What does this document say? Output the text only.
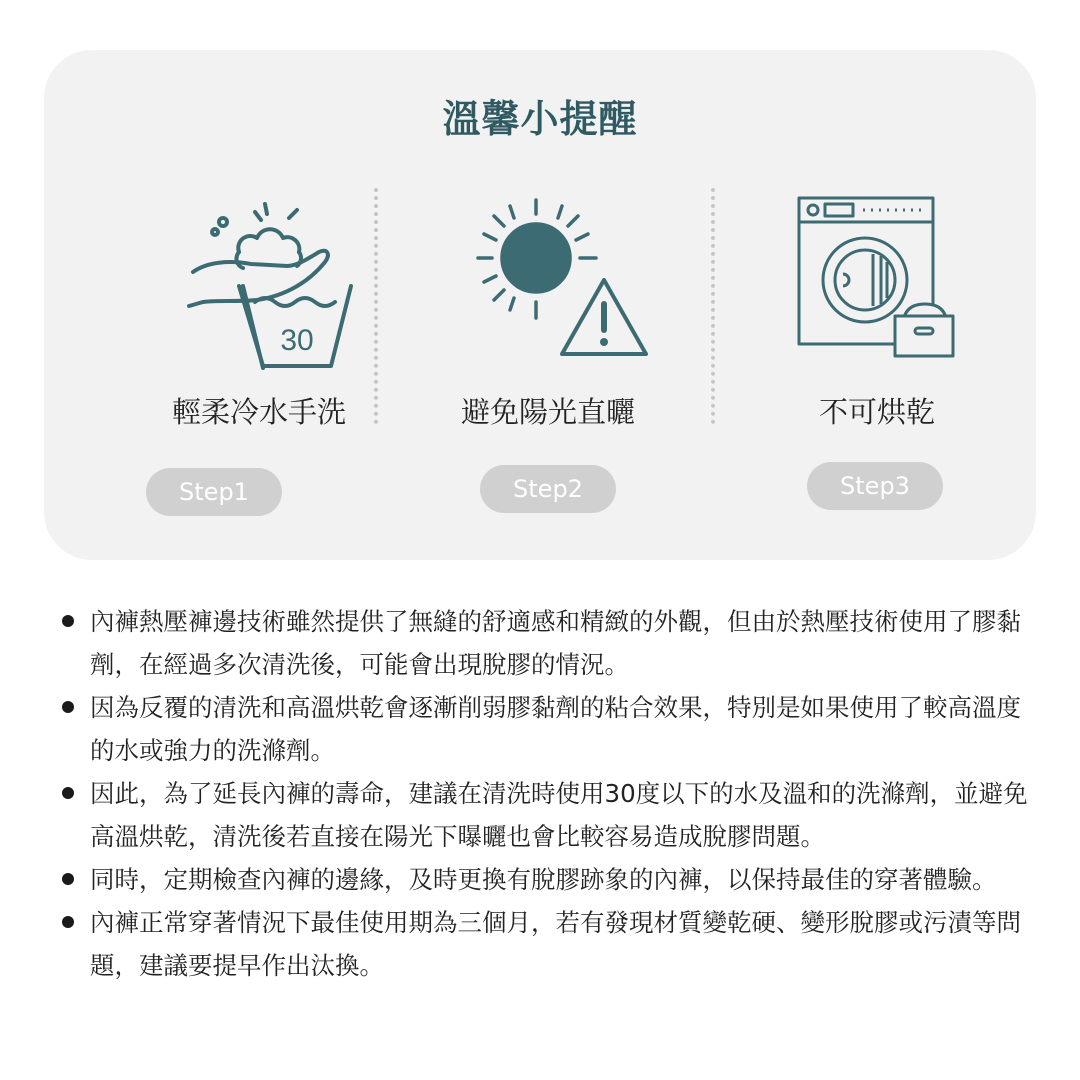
溫馨小提醒
30
輕柔冷水手洗	避免陽光直曬	不可烘乾
Step1	Step2	Step3
內褲熱壓褲邊技術雖然提供了無縫的舒適感和精緻的外觀，但由於熱壓技術使用了膠黏劑，在經過多次清洗後，可能會出現脫膠的情況。
因為反覆的清洗和高溫烘乾會逐漸削弱膠黏劑的粘合效果，特別是如果使用了較高溫度的水或強力的洗滌劑。
因此，為了延長內褲的壽命，建議在清洗時使用30度以下的水及溫和的洗滌劑，並避免高溫烘乾，清洗後若直接在陽光下曝曬也會比較容易造成脫膠問題。
同時，定期檢查內褲的邊緣，及時更換有脫膠跡象的內褲，以保持最佳的穿著體驗。
內褲正常穿著情況下最佳使用期為三個月，若有發現材質變乾硬、變形脫膠或污漬等問題，建議要提早作出汰換。
